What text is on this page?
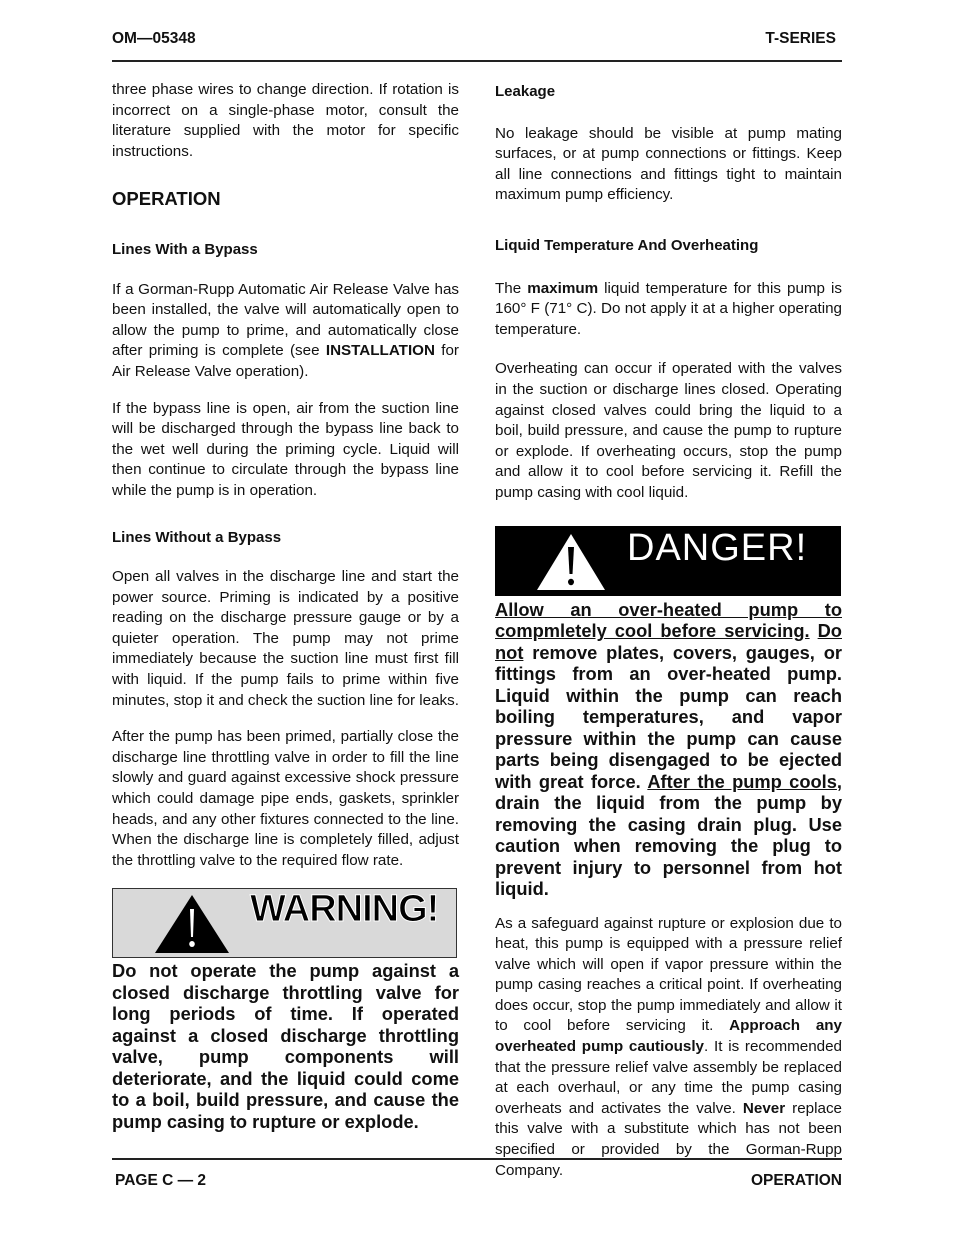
OM—05348	T-SERIES

three phase wires to change direction. If rotation is incorrect on a single-phase motor, consult the literature supplied with the motor for specific instructions.

OPERATION
Lines With a Bypass

If a Gorman-Rupp Automatic Air Release Valve has been installed, the valve will automatically open to allow the pump to prime, and automatically close after priming is complete (see INSTALLATION for Air Release Valve operation).

If the bypass line is open, air from the suction line will be discharged through the bypass line back to the wet well during the priming cycle. Liquid will then continue to circulate through the bypass line while the pump is in operation.

Lines Without a Bypass

Open all valves in the discharge line and start the power source. Priming is indicated by a positive reading on the discharge pressure gauge or by a quieter operation. The pump may not prime immediately because the suction line must first fill with liquid. If the pump fails to prime within five minutes, stop it and check the suction line for leaks.

After the pump has been primed, partially close the discharge line throttling valve in order to fill the line slowly and guard against excessive shock pressure which could damage pipe ends, gaskets, sprinkler heads, and any other fixtures connected to the line. When the discharge line is completely filled, adjust the throttling valve to the required flow rate.

WARNING!

Do not operate the pump against a closed discharge throttling valve for long periods of time. If operated against a closed discharge throttling valve, pump components will deteriorate, and the liquid could come to a boil, build pressure, and cause the pump casing to rupture or explode.

Leakage

No leakage should be visible at pump mating surfaces, or at pump connections or fittings. Keep all line connections and fittings tight to maintain maximum pump efficiency.

Liquid Temperature And Overheating

The maximum liquid temperature for this pump is 160° F (71° C). Do not apply it at a higher operating temperature.

Overheating can occur if operated with the valves in the suction or discharge lines closed. Operating against closed valves could bring the liquid to a boil, build pressure, and cause the pump to rupture or explode. If overheating occurs, stop the pump and allow it to cool before servicing it. Refill the pump casing with cool liquid.

DANGER!

Allow an over-heated pump to compmletely cool before servicing. Do not remove plates, covers, gauges, or fittings from an over-heated pump. Liquid within the pump can reach boiling temperatures, and vapor pressure within the pump can cause parts being disengaged to be ejected with great force. After the pump cools, drain the liquid from the pump by removing the casing drain plug. Use caution when removing the plug to prevent injury to personnel from hot liquid.

As a safeguard against rupture or explosion due to heat, this pump is equipped with a pressure relief valve which will open if vapor pressure within the pump casing reaches a critical point. If overheating does occur, stop the pump immediately and allow it to cool before servicing it. Approach any overheated pump cautiously. It is recommended that the pressure relief valve assembly be replaced at each overhaul, or any time the pump casing overheats and activates the valve. Never replace this valve with a substitute which has not been specified or provided by the Gorman-Rupp Company.

PAGE C — 2	OPERATION
